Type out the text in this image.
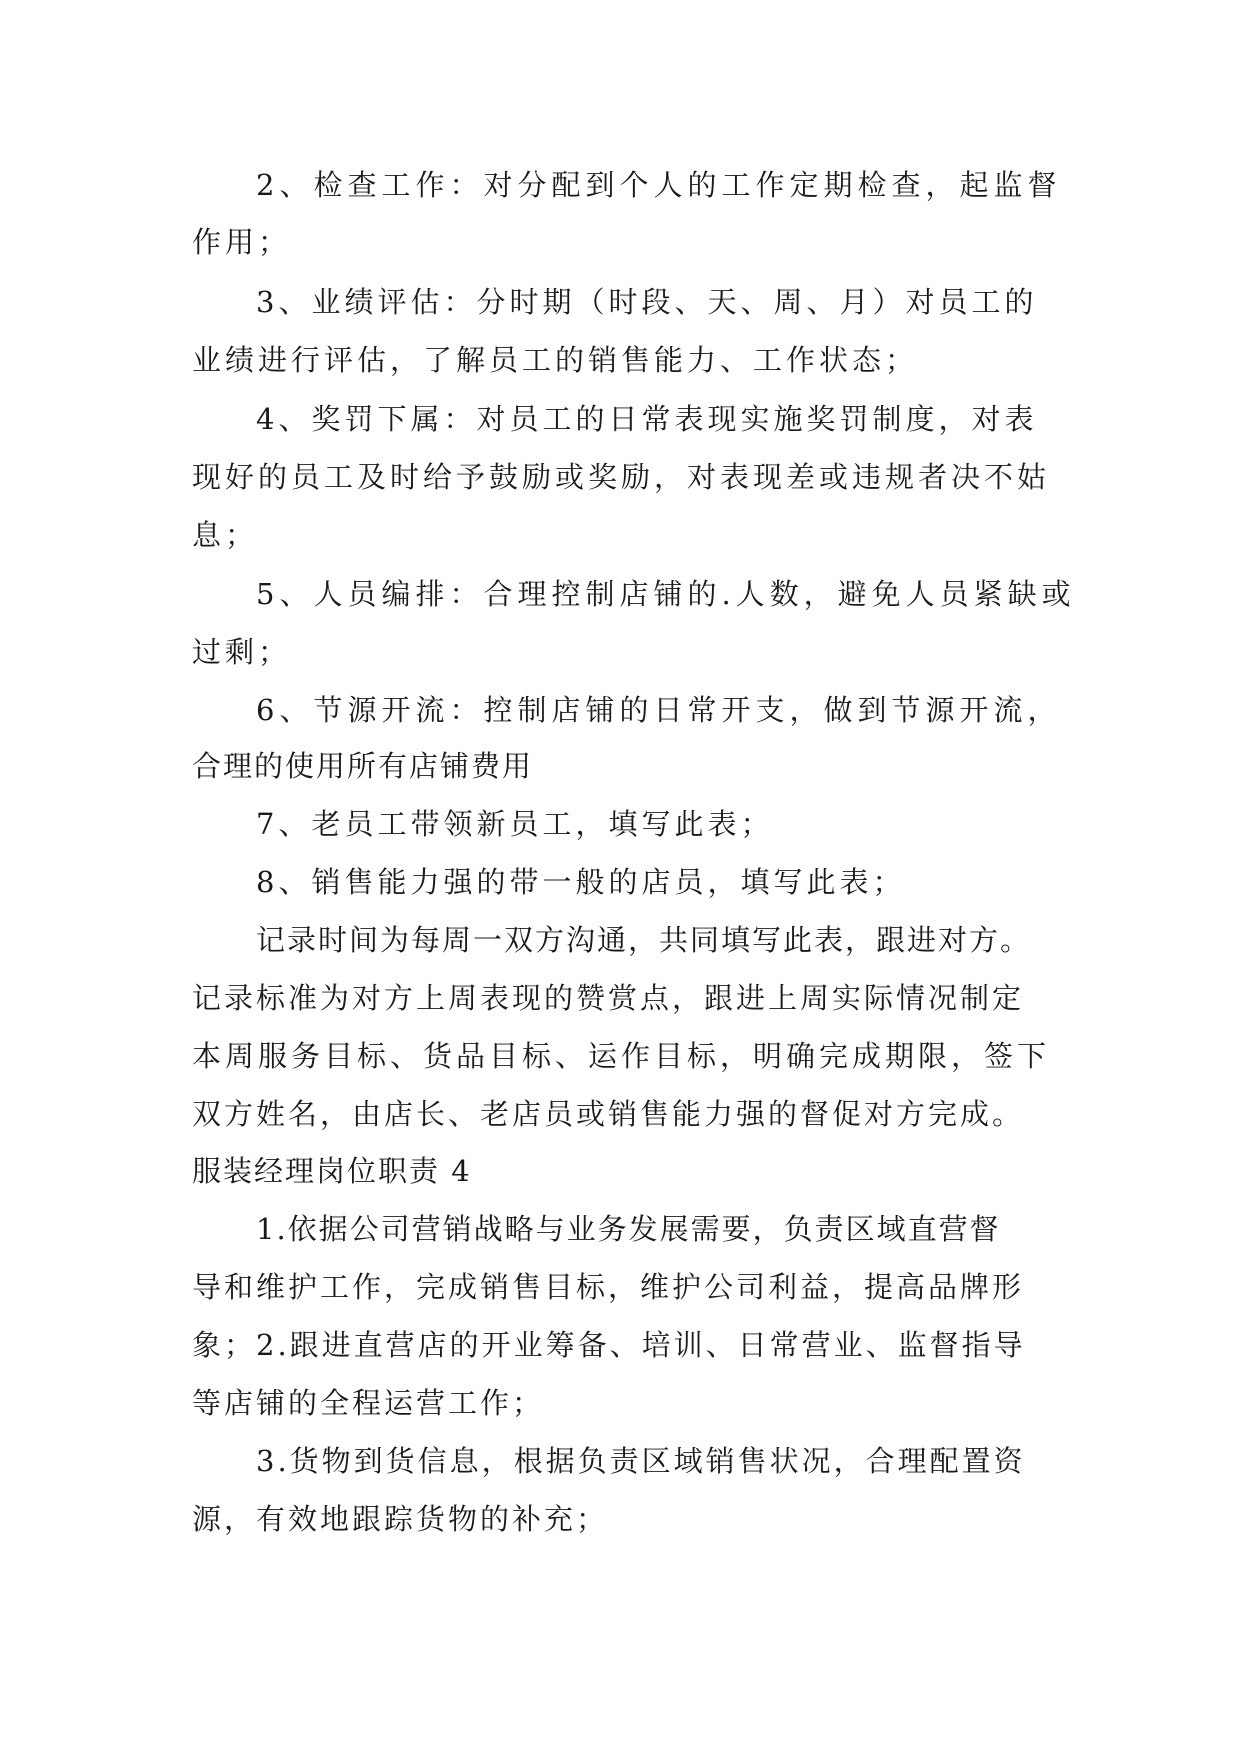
2、检查工作：对分配到个人的工作定期检查，起监督
作用；
3、业绩评估：分时期（时段、天、周、月）对员工的
业绩进行评估，了解员工的销售能力、工作状态；
4、奖罚下属：对员工的日常表现实施奖罚制度，对表
现好的员工及时给予鼓励或奖励，对表现差或违规者决不姑
息；
5、人员编排：合理控制店铺的.人数，避免人员紧缺或
过剩；
6、节源开流：控制店铺的日常开支，做到节源开流，
合理的使用所有店铺费用
7、老员工带领新员工，填写此表；
8、销售能力强的带一般的店员，填写此表；
记录时间为每周一双方沟通，共同填写此表，跟进对方。
记录标准为对方上周表现的赞赏点，跟进上周实际情况制定
本周服务目标、货品目标、运作目标，明确完成期限，签下
双方姓名，由店长、老店员或销售能力强的督促对方完成。
服装经理岗位职责 4
1.依据公司营销战略与业务发展需要，负责区域直营督
导和维护工作，完成销售目标，维护公司利益，提高品牌形
象；2.跟进直营店的开业筹备、培训、日常营业、监督指导
等店铺的全程运营工作；
3.货物到货信息，根据负责区域销售状况，合理配置资
源，有效地跟踪货物的补充；
